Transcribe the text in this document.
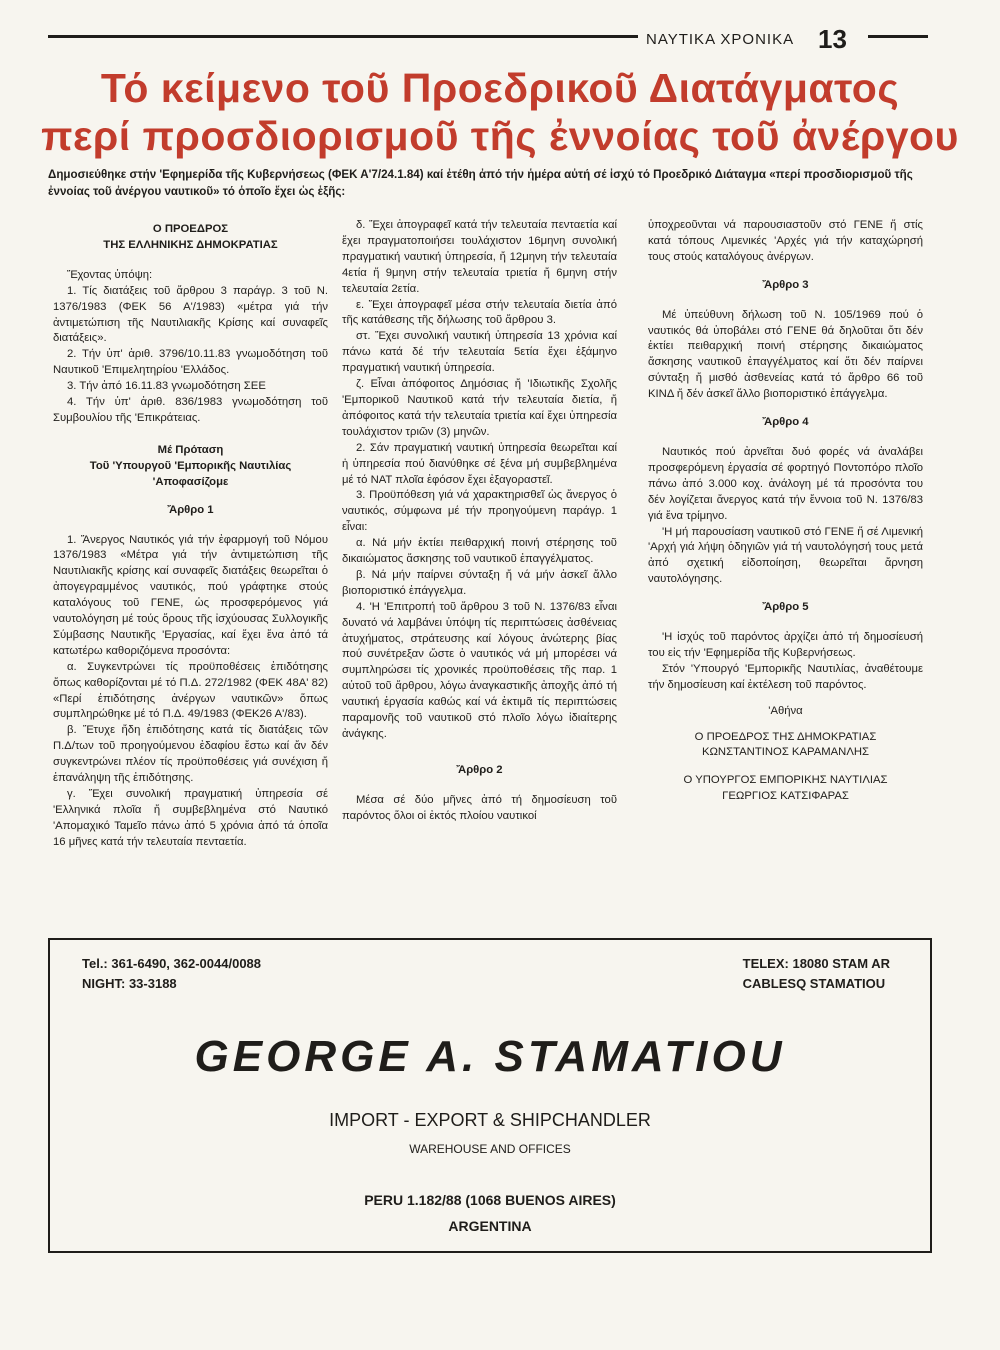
ΝΑΥΤΙΚΑ ΧΡΟΝΙΚΑ 13
Τό κείμενο τοῦ Προεδρικοῦ Διατάγματος
περί προσδιορισμοῦ τῆς ἐννοίας τοῦ ἀνέργου
Δημοσιεύθηκε στήν 'Εφημερίδα τῆς Κυβερνήσεως (ΦΕΚ Α'7/24.1.84) καί ἐτέθη ἀπό τήν ἡμέρα αὐτή σέ ἰσχύ τό Προεδρικό Διάταγμα «περί προσδιορισμοῦ τῆς ἐννοίας τοῦ ἀνέργου ναυτικοῦ» τό ὁποῖο ἔχει ὡς ἑξῆς:

Ο ΠΡΟΕΔΡΟΣ
ΤΗΣ ΕΛΛΗΝΙΚΗΣ ΔΗΜΟΚΡΑΤΙΑΣ

Ἔχοντας ὑπόψη:

1. Τίς διατάξεις τοῦ ἄρθρου 3 παράγρ. 3 τοῦ Ν. 1376/1983 (ΦΕΚ 56 Α'/1983) «μέτρα γιά τήν ἀντιμετώπιση τῆς Ναυτιλιακῆς Κρίσης καί συναφεῖς διατάξεις».

2. Τήν ὑπ' ἀριθ. 3796/10.11.83 γνωμοδότηση τοῦ Ναυτικοῦ 'Επιμελητηρίου 'Ελλάδος.

3. Τήν ἀπό 16.11.83 γνωμοδότηση ΣΕΕ

4. Τήν ὑπ' ἀριθ. 836/1983 γνωμοδότηση τοῦ Συμβουλίου τῆς 'Επικράτειας.

Μέ Πρόταση
Τοῦ 'Υπουργοῦ 'Εμπορικῆς Ναυτιλίας
'Αποφασίζομε

Ἄρθρο 1

1. Ἄνεργος Ναυτικός γιά τήν ἐφαρμογή τοῦ Νόμου 1376/1983 «Μέτρα γιά τήν ἀντιμετώπιση τῆς Ναυτιλιακῆς κρίσης καί συναφεῖς διατάξεις θεωρεῖται ὁ ἀπογεγραμμένος ναυτικός, πού γράφτηκε στούς καταλόγους τοῦ ΓΕΝΕ, ὡς προσφερόμενος γιά ναυτολόγηση μέ τούς ὅρους τῆς ἰσχύουσας Συλλογικῆς Σύμβασης Ναυτικῆς 'Εργασίας, καί ἔχει ἕνα ἀπό τά κατωτέρω καθοριζόμενα προσόντα:

α. Συγκεντρώνει τίς προϋποθέσεις ἐπιδότησης ὅπως καθορίζονται μέ τό Π.Δ. 272/1982 (ΦΕΚ 48Α' 82) «Περί ἐπιδότησης ἀνέργων ναυτικῶν» ὅπως συμπληρώθηκε μέ τό Π.Δ. 49/1983 (ΦΕΚ26 Α'/83).

β. Ἔτυχε ἤδη ἐπιδότησης κατά τίς διατάξεις τῶν Π.Δ/των τοῦ προηγούμενου ἐδαφίου ἔστω καί ἄν δέν συγκεντρώνει πλέον τίς προϋποθέσεις γιά συνέχιση ἤ ἐπανάληψη τῆς ἐπιδότησης.

γ. Ἔχει συνολική πραγματική ὑπηρεσία σέ 'Ελληνικά πλοῖα ἤ συμβεβλημένα στό Ναυτικό 'Απομαχικό Ταμεῖο πάνω ἀπό 5 χρόνια ἀπό τά ὁποῖα 16 μῆνες κατά τήν τελευταία πενταετία.

δ. Ἔχει ἀπογραφεῖ κατά τήν τελευταία πενταετία καί ἔχει πραγματοποιήσει τουλάχιστον 16μηνη συνολική πραγματική ναυτική ὑπηρεσία, ἤ 12μηνη τήν τελευταία 4ετία ἤ 9μηνη στήν τελευταία τριετία ἤ 6μηνη στήν τελευταία 2ετία.

ε. Ἔχει ἀπογραφεῖ μέσα στήν τελευταία διετία ἀπό τῆς κατάθεσης τῆς δήλωσης τοῦ ἄρθρου 3.

στ. Ἔχει συνολική ναυτική ὑπηρεσία 13 χρόνια καί πάνω κατά δέ τήν τελευταία 5ετία ἔχει ἑξάμηνο πραγματική ναυτική ὑπηρεσία.

ζ. Εἶναι ἀπόφοιτος Δημόσιας ἤ 'Ιδιωτικῆς Σχολῆς 'Εμπορικοῦ Ναυτικοῦ κατά τήν τελευταία διετία, ἤ ἀπόφοιτος κατά τήν τελευταία τριετία καί ἔχει ὑπηρεσία τουλάχιστον τριῶν (3) μηνῶν.

2. Σάν πραγματική ναυτική ὑπηρεσία θεωρεῖται καί ἡ ὑπηρεσία πού διανύθηκε σέ ξένα μή συμβεβλημένα μέ τό ΝΑΤ πλοῖα ἐφόσον ἔχει ἐξαγοραστεῖ.

3. Προϋπόθεση γιά νά χαρακτηρισθεῖ ὡς ἄνεργος ὁ ναυτικός, σύμφωνα μέ τήν προηγούμενη παράγρ. 1 εἶναι:

α. Νά μήν ἐκτίει πειθαρχική ποινή στέρησης τοῦ δικαιώματος ἄσκησης τοῦ ναυτικοῦ ἐπαγγέλματος.

β. Νά μήν παίρνει σύνταξη ἤ νά μήν ἀσκεῖ ἄλλο βιοποριστικό ἐπάγγελμα.

4. 'Η 'Επιτροπή τοῦ ἄρθρου 3 τοῦ Ν. 1376/83 εἶναι δυνατό νά λαμβάνει ὑπόψη τίς περιπτώσεις ἀσθένειας ἀτυχήματος, στράτευσης καί λόγους ἀνώτερης βίας πού συνέτρεξαν ὥστε ὁ ναυτικός νά μή μπορέσει νά συμπληρώσει τίς χρονικές προϋποθέσεις τῆς παρ. 1 αὐτοῦ τοῦ ἄρθρου, λόγω ἀναγκαστικῆς ἀποχῆς ἀπό τή ναυτική ἐργασία καθώς καί νά ἐκτιμᾶ τίς περιπτώσεις παραμονῆς τοῦ ναυτικοῦ στό πλοῖο λόγω ἰδιαίτερης ἀνάγκης.

Ἄρθρο 2

Μέσα σέ δύο μῆνες ἀπό τή δημοσίευση τοῦ παρόντος ὅλοι οἱ ἐκτός πλοίου ναυτικοί

ὑποχρεοῦνται νά παρουσιαστοῦν στό ΓΕΝΕ ἤ στίς κατά τόπους Λιμενικές 'Αρχές γιά τήν καταχώρησή τους στούς καταλόγους ἀνέργων.

Ἄρθρο 3

Μέ ὑπεύθυνη δήλωση τοῦ Ν. 105/1969 πού ὁ ναυτικός θά ὑποβάλει στό ΓΕΝΕ θά δηλοῦται ὅτι δέν ἐκτίει πειθαρχική ποινή στέρησης δικαιώματος ἄσκησης ναυτικοῦ ἐπαγγέλματος καί ὅτι δέν παίρνει σύνταξη ἤ μισθό ἀσθενείας κατά τό ἄρθρο 66 τοῦ ΚΙΝΔ ἤ δέν ἀσκεῖ ἄλλο βιοποριστικό ἐπάγγελμα.

Ἄρθρο 4

Ναυτικός πού ἀρνεῖται δυό φορές νά ἀναλάβει προσφερόμενη ἐργασία σέ φορτηγό Ποντοπόρο πλοῖο πάνω ἀπό 3.000 κοχ. ἀνάλογη μέ τά προσόντα του δέν λογίζεται ἄνεργος κατά τήν ἔννοια τοῦ Ν. 1376/83 γιά ἕνα τρίμηνο.

'Η μή παρουσίαση ναυτικοῦ στό ΓΕΝΕ ἤ σέ Λιμενική 'Αρχή γιά λήψη ὁδηγιῶν γιά τή ναυτολόγησή τους μετά ἀπό σχετική εἰδοποίηση, θεωρεῖται ἄρνηση ναυτολόγησης.

Ἄρθρο 5

'Η ἰσχύς τοῦ παρόντος ἀρχίζει ἀπό τή δημοσίευσή του εἰς τήν 'Εφημερίδα τῆς Κυβερνήσεως.

Στόν 'Υπουργό 'Εμπορικῆς Ναυτιλίας, ἀναθέτουμε τήν δημοσίευση καί ἐκτέλεση τοῦ παρόντος.

'Αθήνα

Ο ΠΡΟΕΔΡΟΣ ΤΗΣ ΔΗΜΟΚΡΑΤΙΑΣ
ΚΩΝΣΤΑΝΤΙΝΟΣ ΚΑΡΑΜΑΝΛΗΣ

Ο ΥΠΟΥΡΓΟΣ ΕΜΠΟΡΙΚΗΣ ΝΑΥΤΙΛΙΑΣ
ΓΕΩΡΓΙΟΣ ΚΑΤΣΙΦΑΡΑΣ

Tel.: 361-6490, 362-0044/0088
NIGHT: 33-3188
TELEX: 18080 STAM AR
CABLESQ STAMATIOU
GEORGE A. STAMATIOU
IMPORT - EXPORT & SHIPCHANDLER
WAREHOUSE AND OFFICES
PERU 1.182/88 (1068 BUENOS AIRES)
ARGENTINA
